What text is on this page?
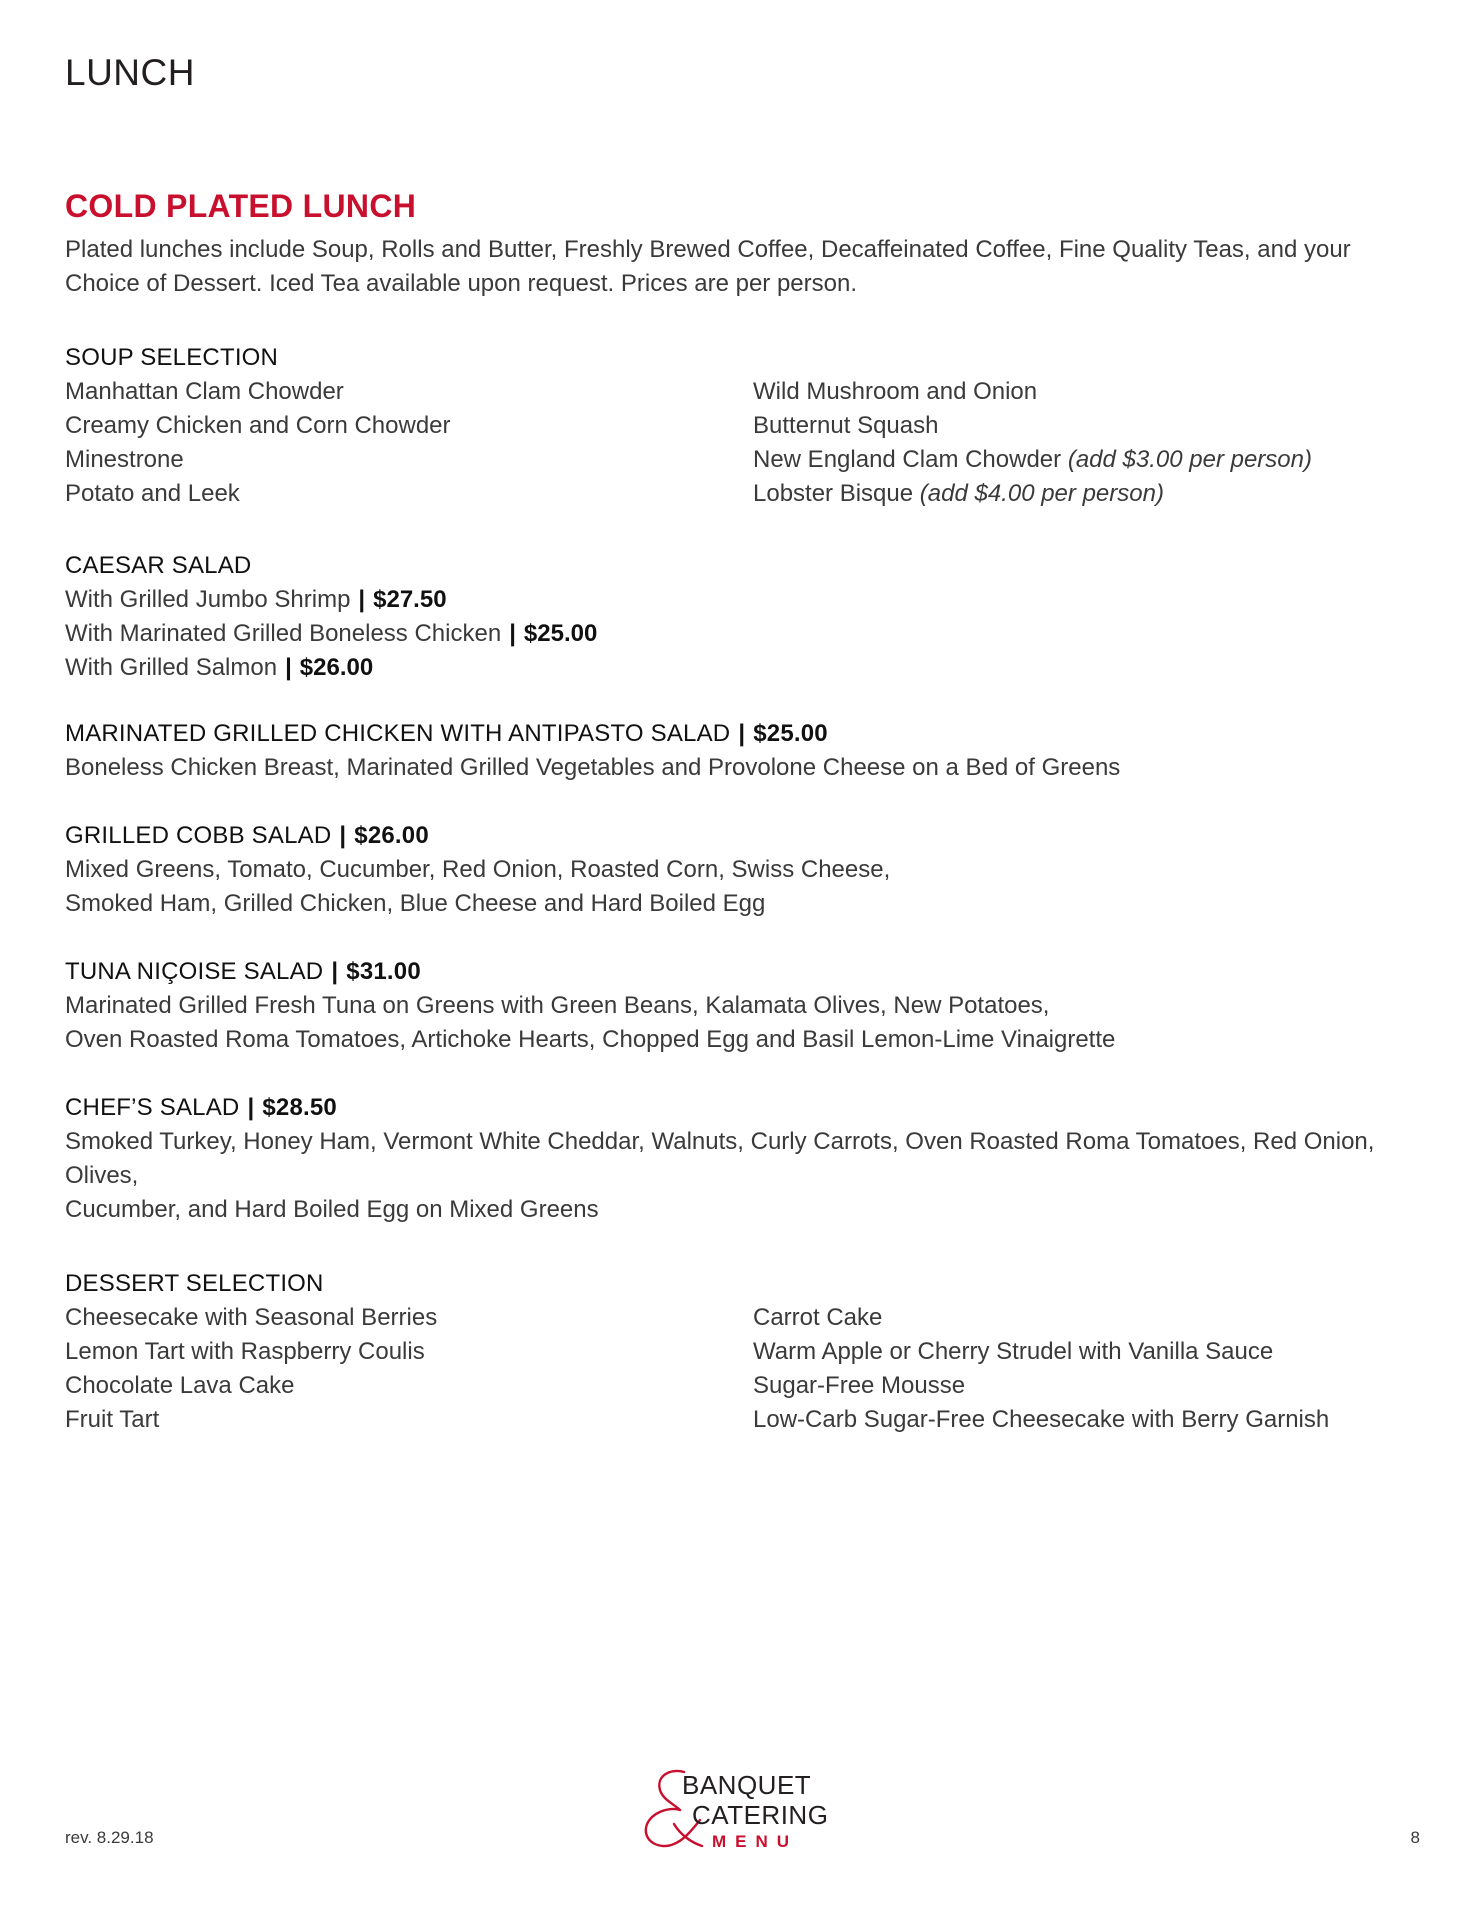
LUNCH
COLD PLATED LUNCH

Plated lunches include Soup, Rolls and Butter, Freshly Brewed Coffee, Decaffeinated Coffee, Fine Quality Teas, and your Choice of Dessert. Iced Tea available upon request. Prices are per person.

SOUP SELECTION
Manhattan Clam Chowder
Creamy Chicken and Corn Chowder
Minestrone
Potato and Leek
Wild Mushroom and Onion
Butternut Squash
New England Clam Chowder (add $3.00 per person)
Lobster Bisque (add $4.00 per person)
CAESAR SALAD
With Grilled Jumbo Shrimp | $27.50
With Marinated Grilled Boneless Chicken | $25.00
With Grilled Salmon | $26.00
MARINATED GRILLED CHICKEN WITH ANTIPASTO SALAD | $25.00
Boneless Chicken Breast, Marinated Grilled Vegetables and Provolone Cheese on a Bed of Greens
GRILLED COBB SALAD | $26.00
Mixed Greens, Tomato, Cucumber, Red Onion, Roasted Corn, Swiss Cheese,
Smoked Ham, Grilled Chicken, Blue Cheese and Hard Boiled Egg
TUNA NIÇOISE SALAD | $31.00
Marinated Grilled Fresh Tuna on Greens with Green Beans, Kalamata Olives, New Potatoes,
Oven Roasted Roma Tomatoes, Artichoke Hearts, Chopped Egg and Basil Lemon-Lime Vinaigrette
CHEF’S SALAD | $28.50
Smoked Turkey, Honey Ham, Vermont White Cheddar, Walnuts, Curly Carrots, Oven Roasted Roma Tomatoes, Red Onion, Olives,
Cucumber, and Hard Boiled Egg on Mixed Greens
DESSERT SELECTION
Cheesecake with Seasonal Berries
Lemon Tart with Raspberry Coulis
Chocolate Lava Cake
Fruit Tart
Carrot Cake
Warm Apple or Cherry Strudel with Vanilla Sauce
Sugar-Free Mousse
Low-Carb Sugar-Free Cheesecake with Berry Garnish
rev. 8.29.18
BANQUET
CATERING
MENU	8
